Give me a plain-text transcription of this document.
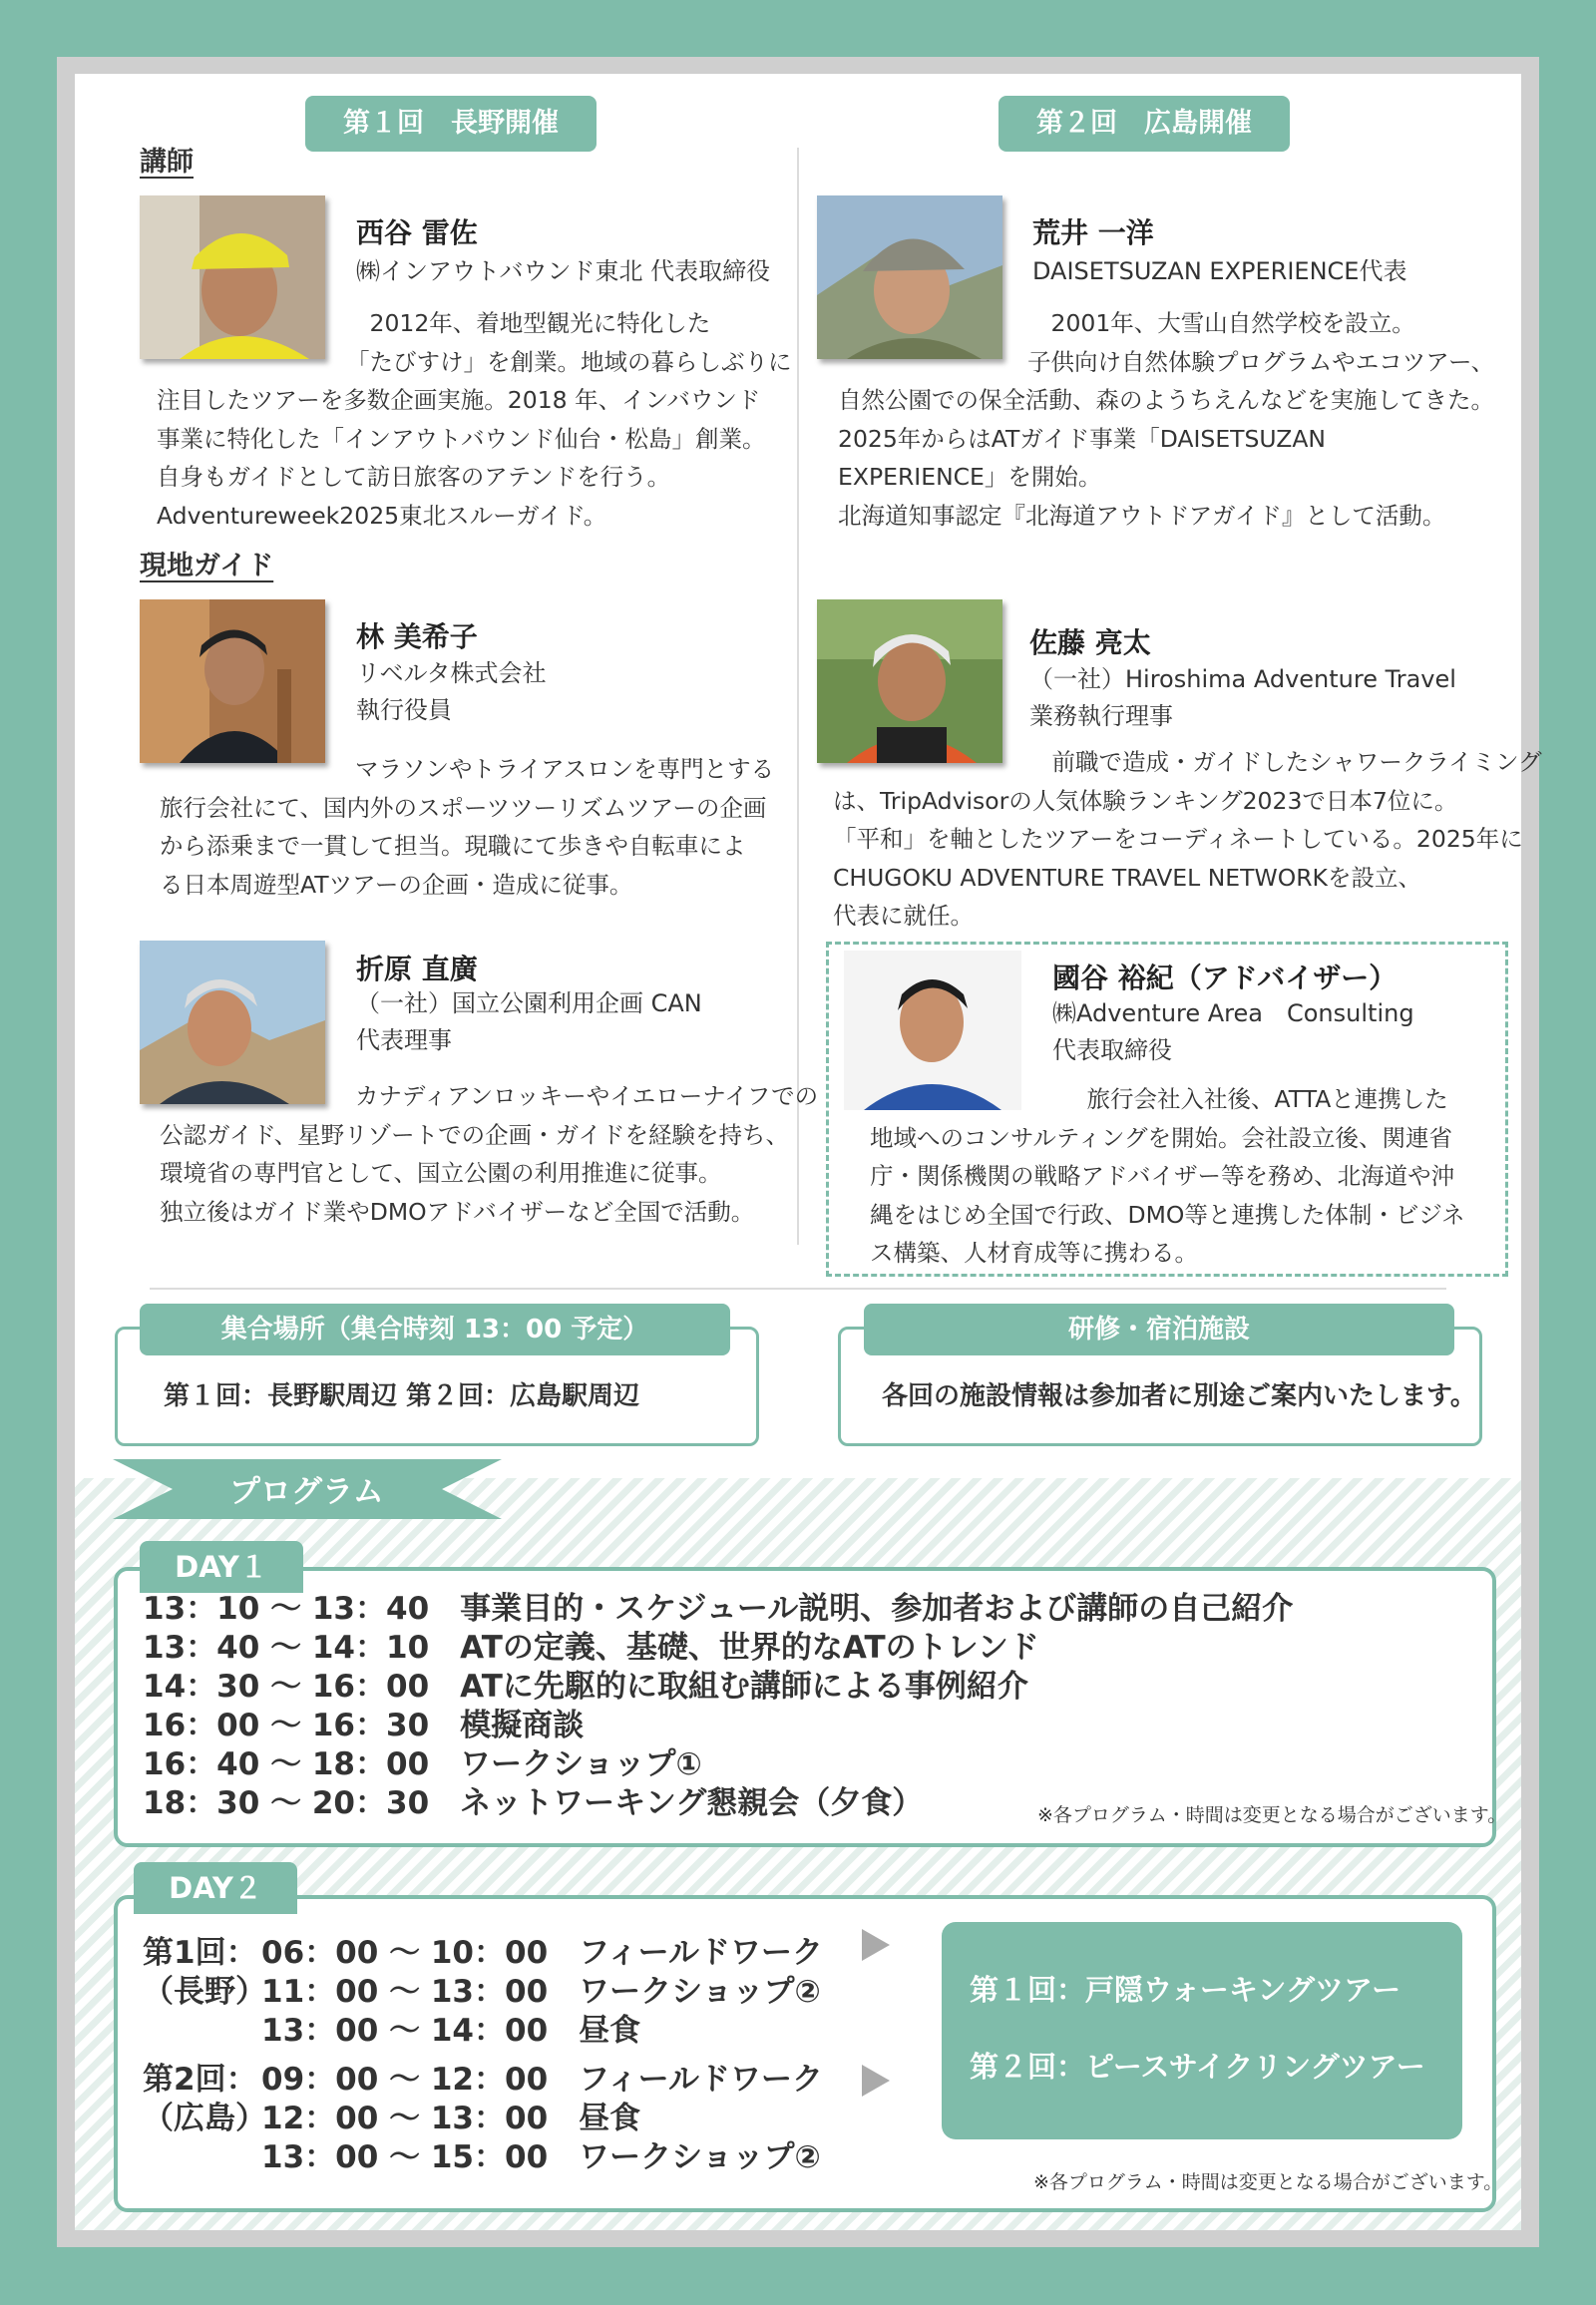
第１回　長野開催	第２回　広島開催
講師
現地ガイド
西谷 雷佐
㈱インアウトバウンド東北 代表取締役
　2012年、着地型観光に特化した
「たびすけ」を創業。地域の暮らしぶりに
注目したツアーを多数企画実施。2018 年、インバウンド
事業に特化した「インアウトバウンド仙台・松島」創業。
自身もガイドとして訪日旅客のアテンドを行う。
Adventureweek2025東北スルーガイド。
荒井 一洋
DAISETSUZAN EXPERIENCE代表
　2001年、大雪山自然学校を設立。
子供向け自然体験プログラムやエコツアー、
自然公園での保全活動、森のようちえんなどを実施してきた。
2025年からはATガイド事業「DAISETSUZAN
EXPERIENCE」を開始。
北海道知事認定『北海道アウトドアガイド』として活動。
林 美希子
リベルタ株式会社
執行役員
マラソンやトライアスロンを専門とする
旅行会社にて、国内外のスポーツツーリズムツアーの企画
から添乗まで一貫して担当。現職にて歩きや自転車によ
る日本周遊型ATツアーの企画・造成に従事。
佐藤 亮太
（一社）Hiroshima Adventure Travel
業務執行理事
　前職で造成・ガイドしたシャワークライミング
は、TripAdvisorの人気体験ランキング2023で日本7位に。
「平和」を軸としたツアーをコーディネートしている。2025年に
CHUGOKU ADVENTURE TRAVEL NETWORKを設立、
代表に就任。
折原 直廣
（一社）国立公園利用企画 CAN
代表理事
カナディアンロッキーやイエローナイフでの
公認ガイド、星野リゾートでの企画・ガイドを経験を持ち、
環境省の専門官として、国立公園の利用推進に従事。
独立後はガイド業やDMOアドバイザーなど全国で活動。
國谷 裕紀（アドバイザー）
㈱Adventure Area　Consulting
代表取締役
　旅行会社入社後、ATTAと連携した
地域へのコンサルティングを開始。会社設立後、関連省
庁・関係機関の戦略アドバイザー等を務め、北海道や沖
縄をはじめ全国で行政、DMO等と連携した体制・ビジネ
ス構築、人材育成等に携わる。
集合場所（集合時刻 13：00 予定）
第１回：長野駅周辺 第２回：広島駅周辺
研修・宿泊施設
各回の施設情報は参加者に別途ご案内いたします。
プログラム
DAY１
13：10 ～ 13：40　事業目的・スケジュール説明、参加者および講師の自己紹介
13：40 ～ 14：10　ATの定義、基礎、世界的なATのトレンド
14：30 ～ 16：00　ATに先駆的に取組む講師による事例紹介
16：00 ～ 16：30　模擬商談
16：40 ～ 18：00　ワークショップ①
18：30 ～ 20：30　ネットワーキング懇親会（夕食）	※各プログラム・時間は変更となる場合がございます。
DAY２
第1回：
（長野）
06：00 ～ 10：00　フィールドワーク
11：00 ～ 13：00　ワークショップ②
13：00 ～ 14：00　昼食
第2回：
（広島）
09：00 ～ 12：00　フィールドワーク
12：00 ～ 13：00　昼食
13：00 ～ 15：00　ワークショップ②
第１回：戸隠ウォーキングツアー
第２回：ピースサイクリングツアー
※各プログラム・時間は変更となる場合がございます。
